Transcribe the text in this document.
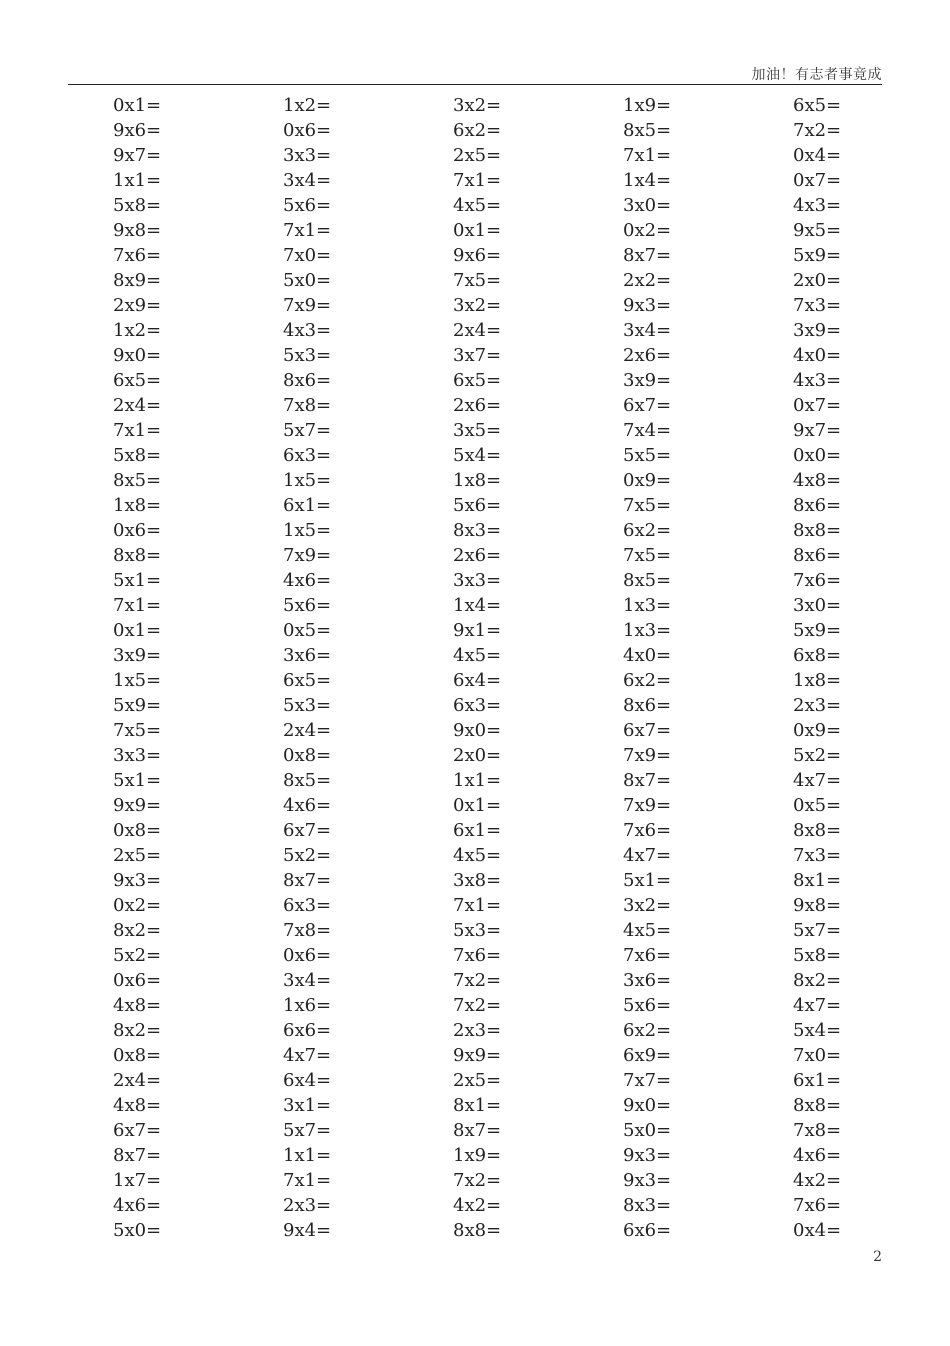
加油！有志者事竟成
0x1=	1x2=	3x2=	1x9=	6x5=
9x6=	0x6=	6x2=	8x5=	7x2=
9x7=	3x3=	2x5=	7x1=	0x4=
1x1=	3x4=	7x1=	1x4=	0x7=
5x8=	5x6=	4x5=	3x0=	4x3=
9x8=	7x1=	0x1=	0x2=	9x5=
7x6=	7x0=	9x6=	8x7=	5x9=
8x9=	5x0=	7x5=	2x2=	2x0=
2x9=	7x9=	3x2=	9x3=	7x3=
1x2=	4x3=	2x4=	3x4=	3x9=
9x0=	5x3=	3x7=	2x6=	4x0=
6x5=	8x6=	6x5=	3x9=	4x3=
2x4=	7x8=	2x6=	6x7=	0x7=
7x1=	5x7=	3x5=	7x4=	9x7=
5x8=	6x3=	5x4=	5x5=	0x0=
8x5=	1x5=	1x8=	0x9=	4x8=
1x8=	6x1=	5x6=	7x5=	8x6=
0x6=	1x5=	8x3=	6x2=	8x8=
8x8=	7x9=	2x6=	7x5=	8x6=
5x1=	4x6=	3x3=	8x5=	7x6=
7x1=	5x6=	1x4=	1x3=	3x0=
0x1=	0x5=	9x1=	1x3=	5x9=
3x9=	3x6=	4x5=	4x0=	6x8=
1x5=	6x5=	6x4=	6x2=	1x8=
5x9=	5x3=	6x3=	8x6=	2x3=
7x5=	2x4=	9x0=	6x7=	0x9=
3x3=	0x8=	2x0=	7x9=	5x2=
5x1=	8x5=	1x1=	8x7=	4x7=
9x9=	4x6=	0x1=	7x9=	0x5=
0x8=	6x7=	6x1=	7x6=	8x8=
2x5=	5x2=	4x5=	4x7=	7x3=
9x3=	8x7=	3x8=	5x1=	8x1=
0x2=	6x3=	7x1=	3x2=	9x8=
8x2=	7x8=	5x3=	4x5=	5x7=
5x2=	0x6=	7x6=	7x6=	5x8=
0x6=	3x4=	7x2=	3x6=	8x2=
4x8=	1x6=	7x2=	5x6=	4x7=
8x2=	6x6=	2x3=	6x2=	5x4=
0x8=	4x7=	9x9=	6x9=	7x0=
2x4=	6x4=	2x5=	7x7=	6x1=
4x8=	3x1=	8x1=	9x0=	8x8=
6x7=	5x7=	8x7=	5x0=	7x8=
8x7=	1x1=	1x9=	9x3=	4x6=
1x7=	7x1=	7x2=	9x3=	4x2=
4x6=	2x3=	4x2=	8x3=	7x6=
5x0=	9x4=	8x8=	6x6=	0x4=
2
